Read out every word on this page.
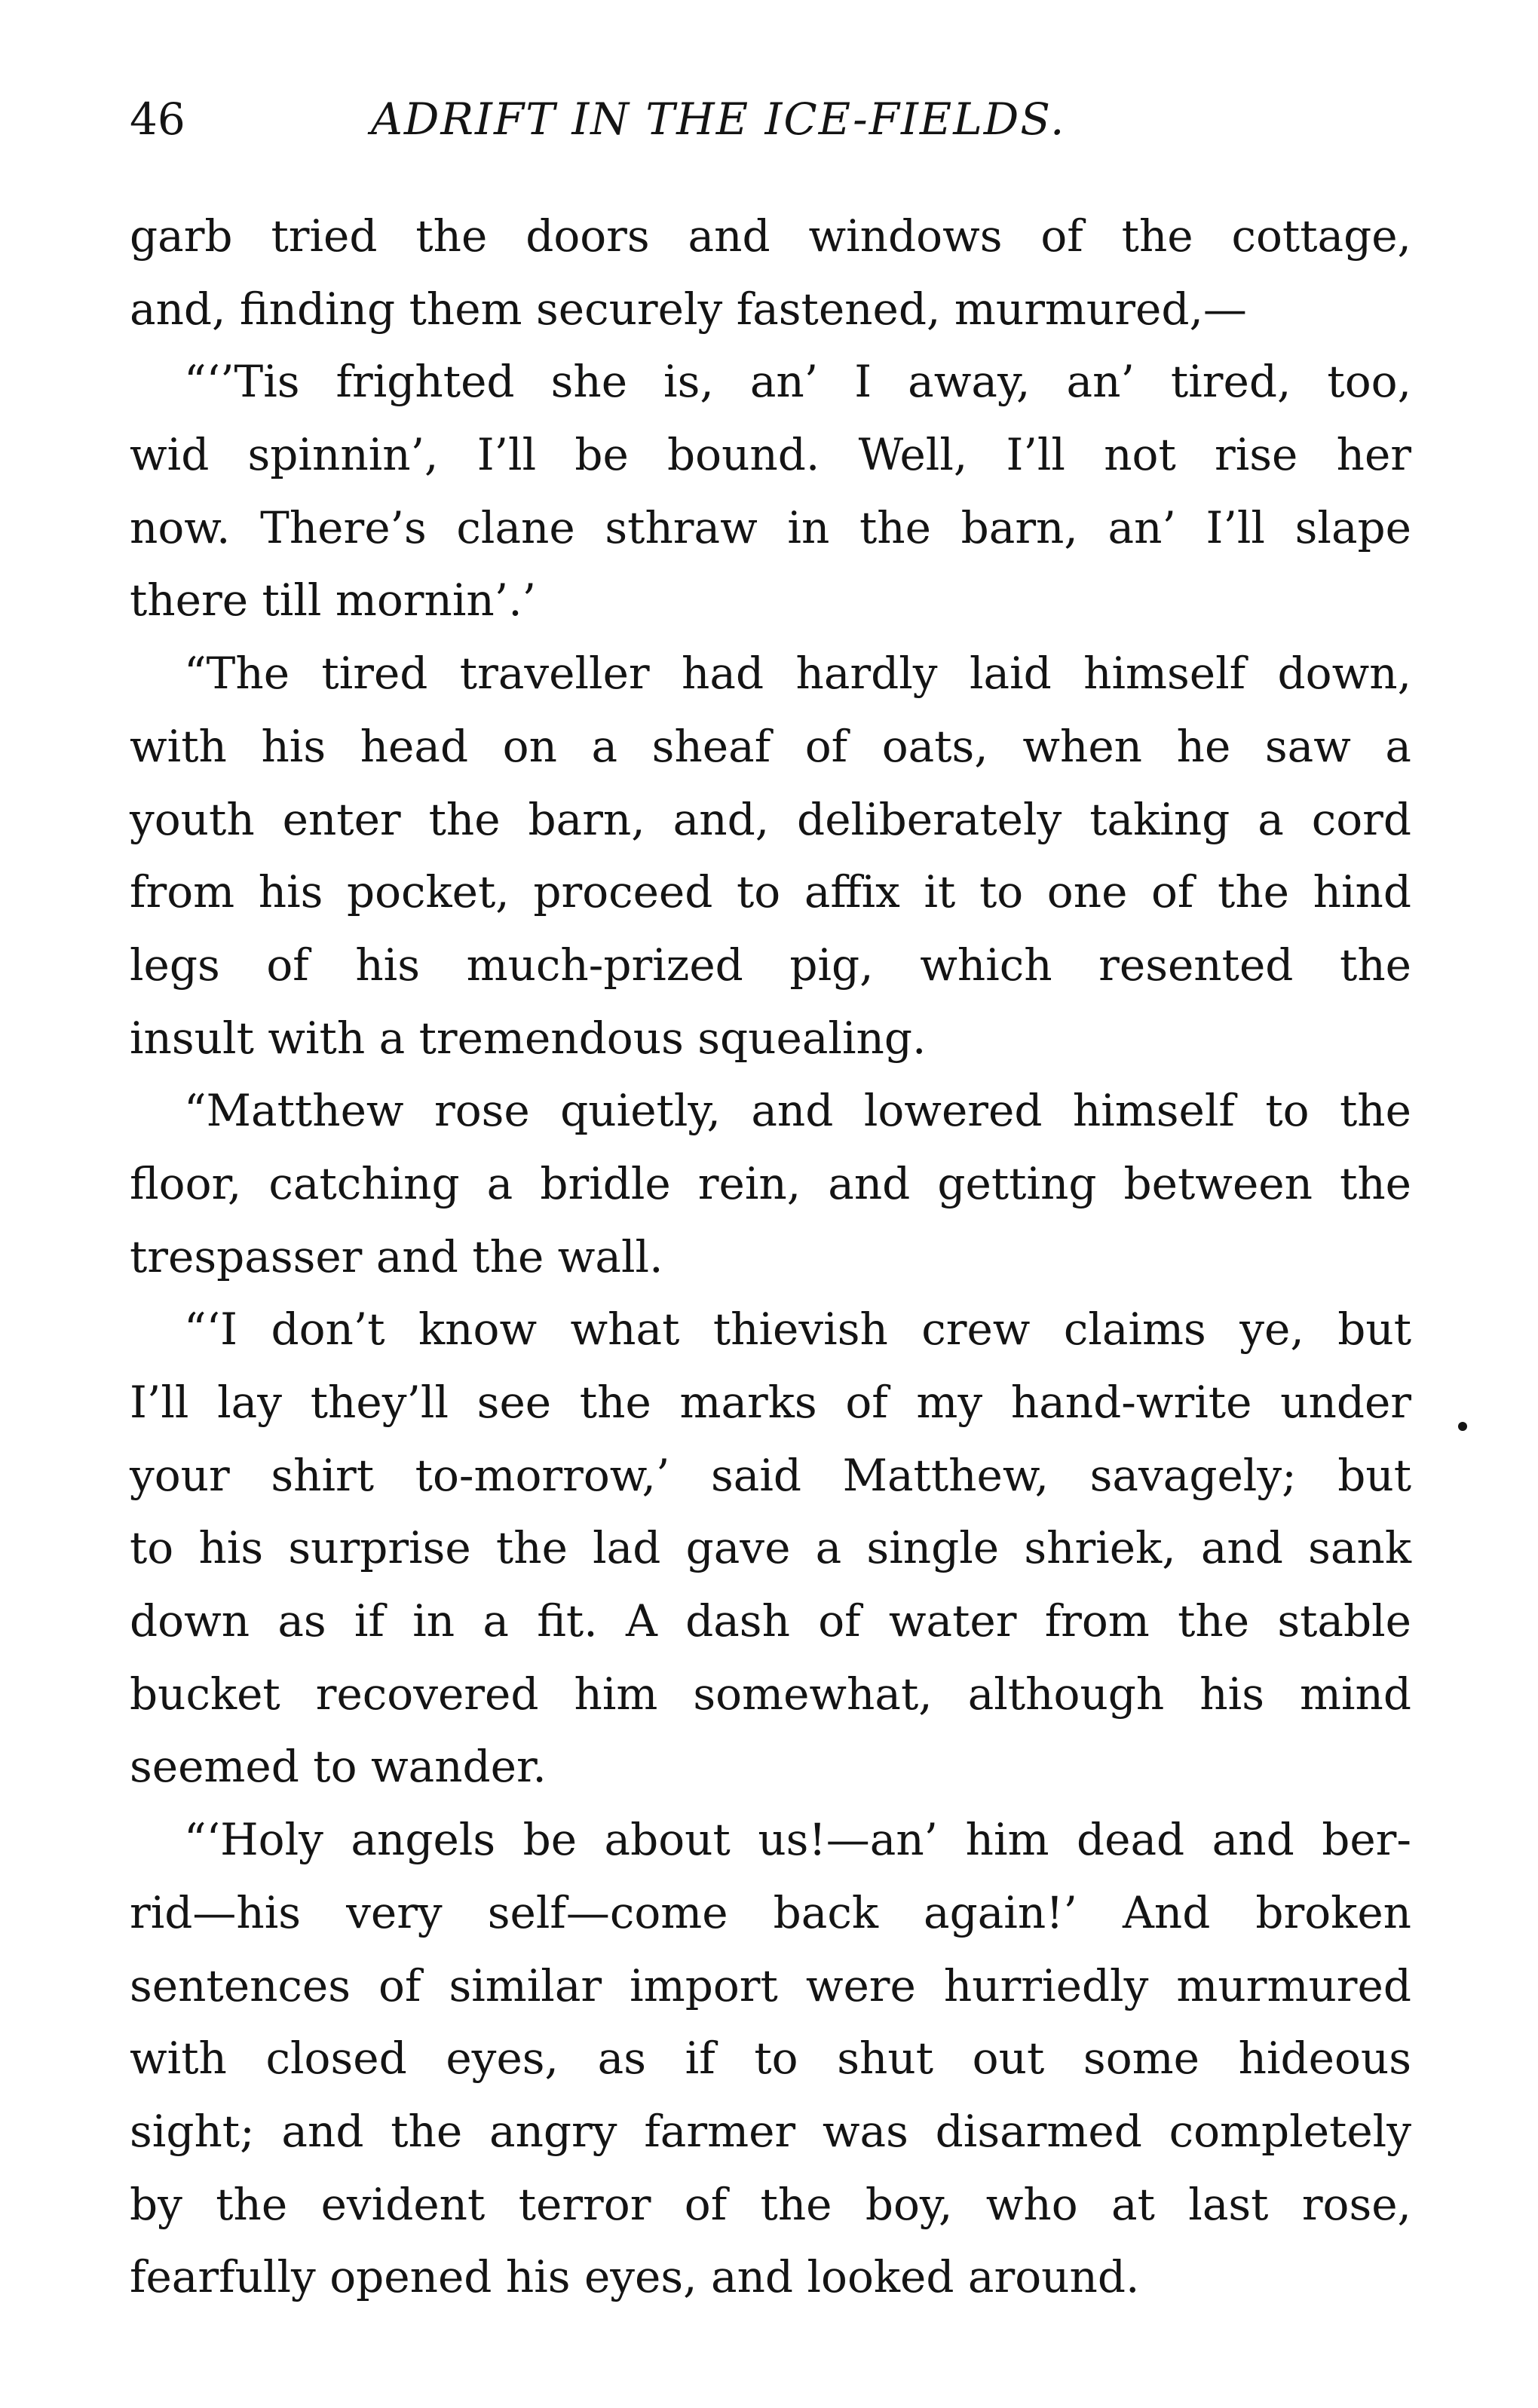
46	ADRIFT IN THE ICE-FIELDS.
garb tried the doors and windows of the cottage,
and, finding them securely fastened, murmured,—
“‘’Tis frighted she is, an’ I away, an’ tired, too,
wid spinnin’, I’ll be bound. Well, I’ll not rise her
now. There’s clane sthraw in the barn, an’ I’ll slape
there till mornin’.’
“The tired traveller had hardly laid himself down,
with his head on a sheaf of oats, when he saw a
youth enter the barn, and, deliberately taking a cord
from his pocket, proceed to affix it to one of the hind
legs of his much-prized pig, which resented the
insult with a tremendous squealing.
“Matthew rose quietly, and lowered himself to the
floor, catching a bridle rein, and getting between the
trespasser and the wall.
“‘I don’t know what thievish crew claims ye, but
I’ll lay they’ll see the marks of my hand-write under
your shirt to-morrow,’ said Matthew, savagely; but
to his surprise the lad gave a single shriek, and sank
down as if in a fit. A dash of water from the stable
bucket recovered him somewhat, although his mind
seemed to wander.
“‘Holy angels be about us!—an’ him dead and ber-
rid—his very self—come back again!’ And broken
sentences of similar import were hurriedly murmured
with closed eyes, as if to shut out some hideous
sight; and the angry farmer was disarmed completely
by the evident terror of the boy, who at last rose,
fearfully opened his eyes, and looked around.
